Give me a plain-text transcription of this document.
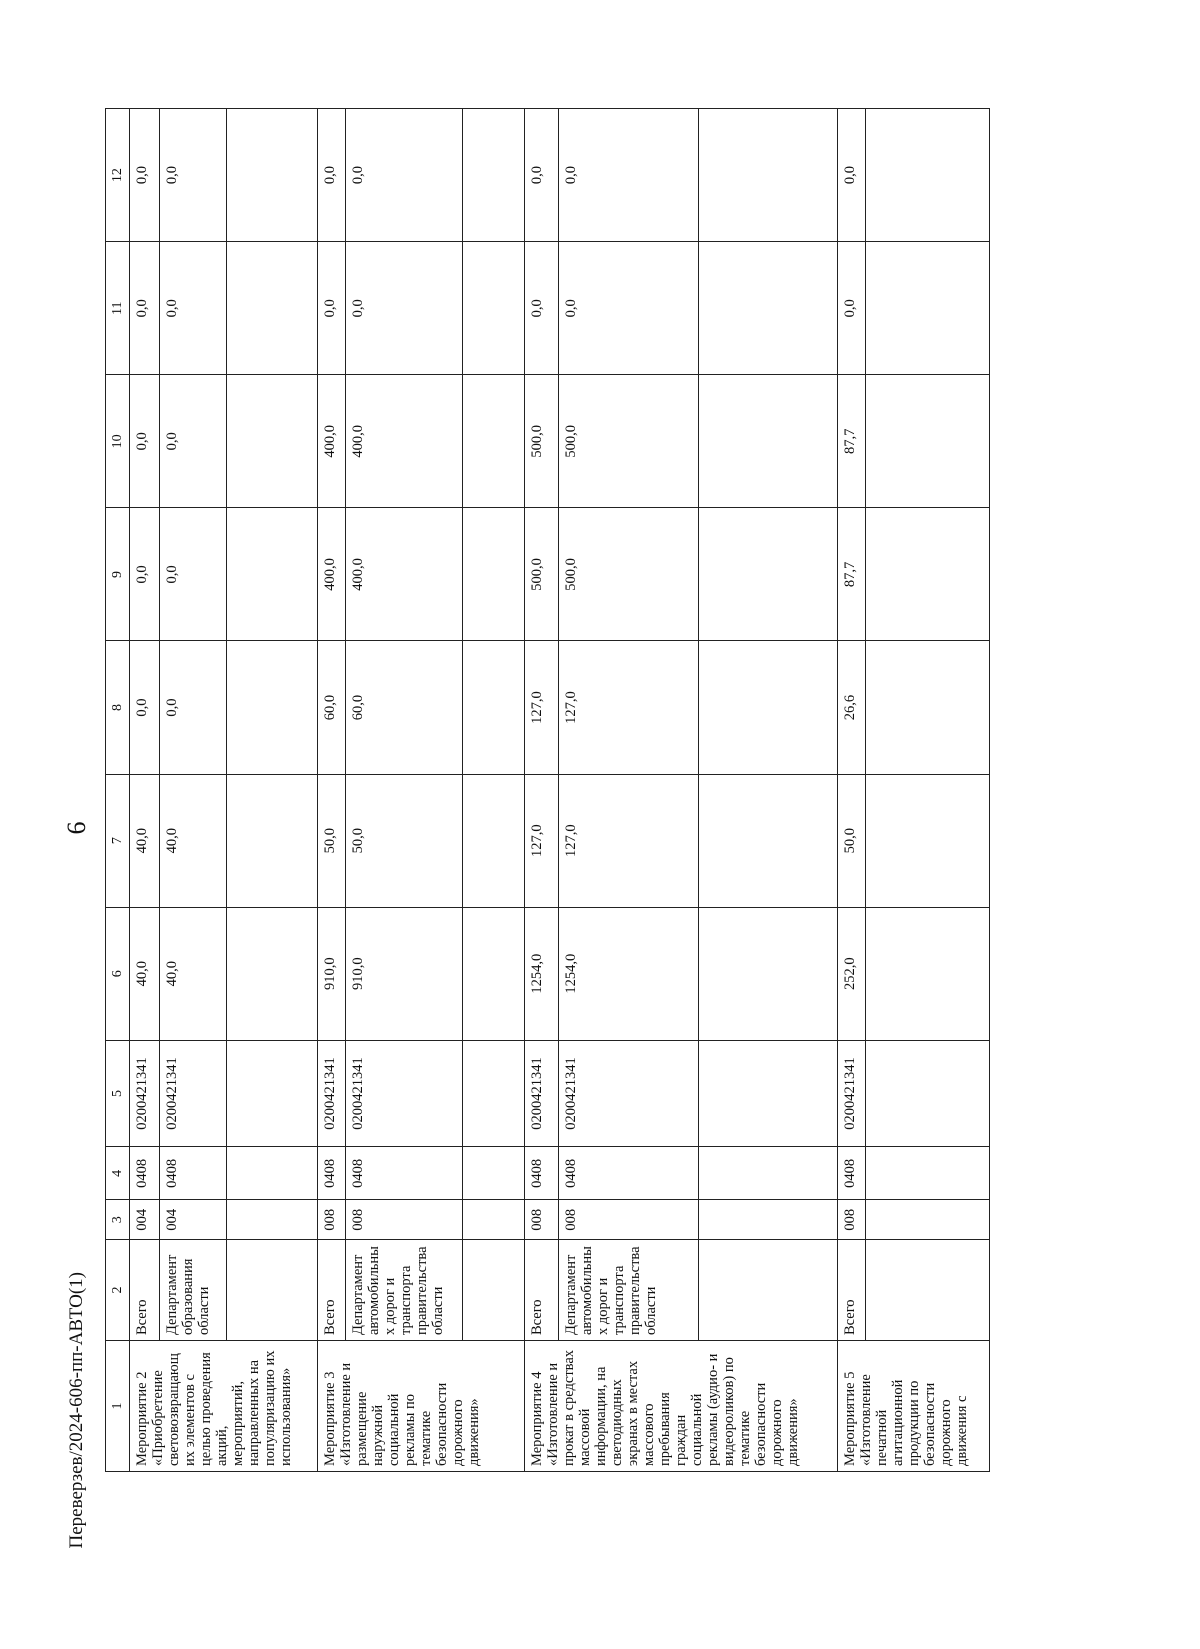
6
Переверзев/2024-606-пп-АВТО(1) 1	2	3	4	5	6	7	8	9	10	11	12
Мероприятие 2 «Приобретение световозвращающих элементов с целью проведения акций, мероприятий, направленных на популяризацию их использования»	Всего	004	0408	0200421341	40,0	40,0	0,0	0,0	0,0	0,0	0,0
	Департамент образования области	004	0408	0200421341	40,0	40,0	0,0	0,0	0,0	0,0	0,0

Мероприятие 3 «Изготовление и размещение наружной социальной рекламы по тематике безопасности дорожного движения»	Всего	008	0408	0200421341	910,0	50,0	60,0	400,0	400,0	0,0	0,0
	Департамент автомобильных дорог и транспорта правительства области	008	0408	0200421341	910,0	50,0	60,0	400,0	400,0	0,0	0,0

Мероприятие 4 «Изготовление и прокат в средствах массовой информации, на светодиодных экранах в местах массового пребывания граждан социальной рекламы (аудио- и видеороликов) по тематике безопасности дорожного движения»	Всего	008	0408	0200421341	1254,0	127,0	127,0	500,0	500,0	0,0	0,0
	Департамент автомобильных дорог и транспорта правительства области	008	0408	0200421341	1254,0	127,0	127,0	500,0	500,0	0,0	0,0

Мероприятие 5 «Изготовление печатной агитационной продукции по безопасности дорожного движения с	Всего	008	0408	0200421341	252,0	50,0	26,6	87,7	87,7	0,0	0,0
